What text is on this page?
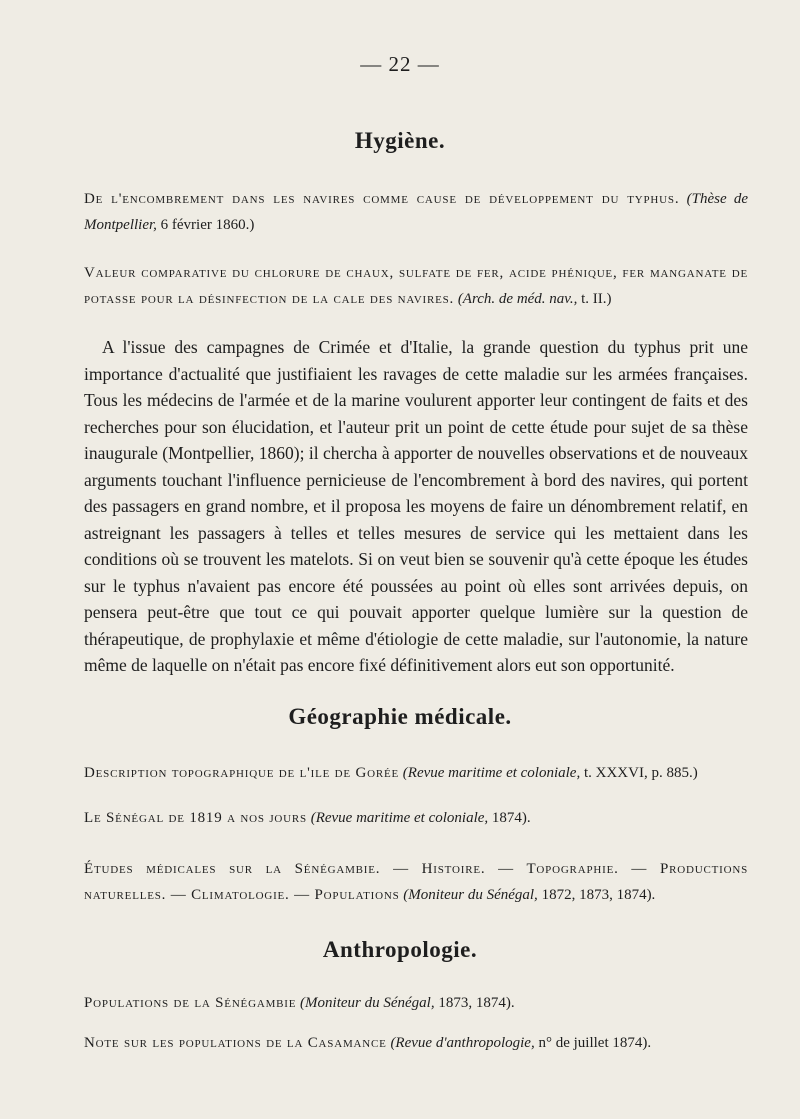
— 22 —
Hygiène.
De l'encombrement dans les navires comme cause de développement du typhus. (Thèse de Montpellier, 6 février 1860.)
Valeur comparative du chlorure de chaux, sulfate de fer, acide phénique, fer manganate de potasse pour la désinfection de la cale des navires. (Arch. de méd. nav., t. II.)
A l'issue des campagnes de Crimée et d'Italie, la grande question du typhus prit une importance d'actualité que justifiaient les ravages de cette maladie sur les armées françaises. Tous les médecins de l'armée et de la marine voulurent apporter leur contingent de faits et des recherches pour son élucidation, et l'auteur prit un point de cette étude pour sujet de sa thèse inaugurale (Montpellier, 1860); il chercha à apporter de nouvelles observations et de nouveaux arguments touchant l'influence pernicieuse de l'encombrement à bord des navires, qui portent des passagers en grand nombre, et il proposa les moyens de faire un dénombrement relatif, en astreignant les passagers à telles et telles mesures de service qui les mettaient dans les conditions où se trouvent les matelots. Si on veut bien se souvenir qu'à cette époque les études sur le typhus n'avaient pas encore été poussées au point où elles sont arrivées depuis, on pensera peut-être que tout ce qui pouvait apporter quelque lumière sur la question de thérapeutique, de prophylaxie et même d'étiologie de cette maladie, sur l'autonomie, la nature même de laquelle on n'était pas encore fixé définitivement alors eut son opportunité.
Géographie médicale.
Description topographique de l'ile de Gorée (Revue maritime et coloniale, t. XXXVI, p. 885.)
Le Sénégal de 1819 a nos jours (Revue maritime et coloniale, 1874).
Études médicales sur la Sénégambie. — Histoire. — Topographie. — Productions naturelles. — Climatologie. — Populations (Moniteur du Sénégal, 1872, 1873, 1874).
Anthropologie.
Populations de la Sénégambie (Moniteur du Sénégal, 1873, 1874).
Note sur les populations de la Casamance (Revue d'anthropologie, n° de juillet 1874).
